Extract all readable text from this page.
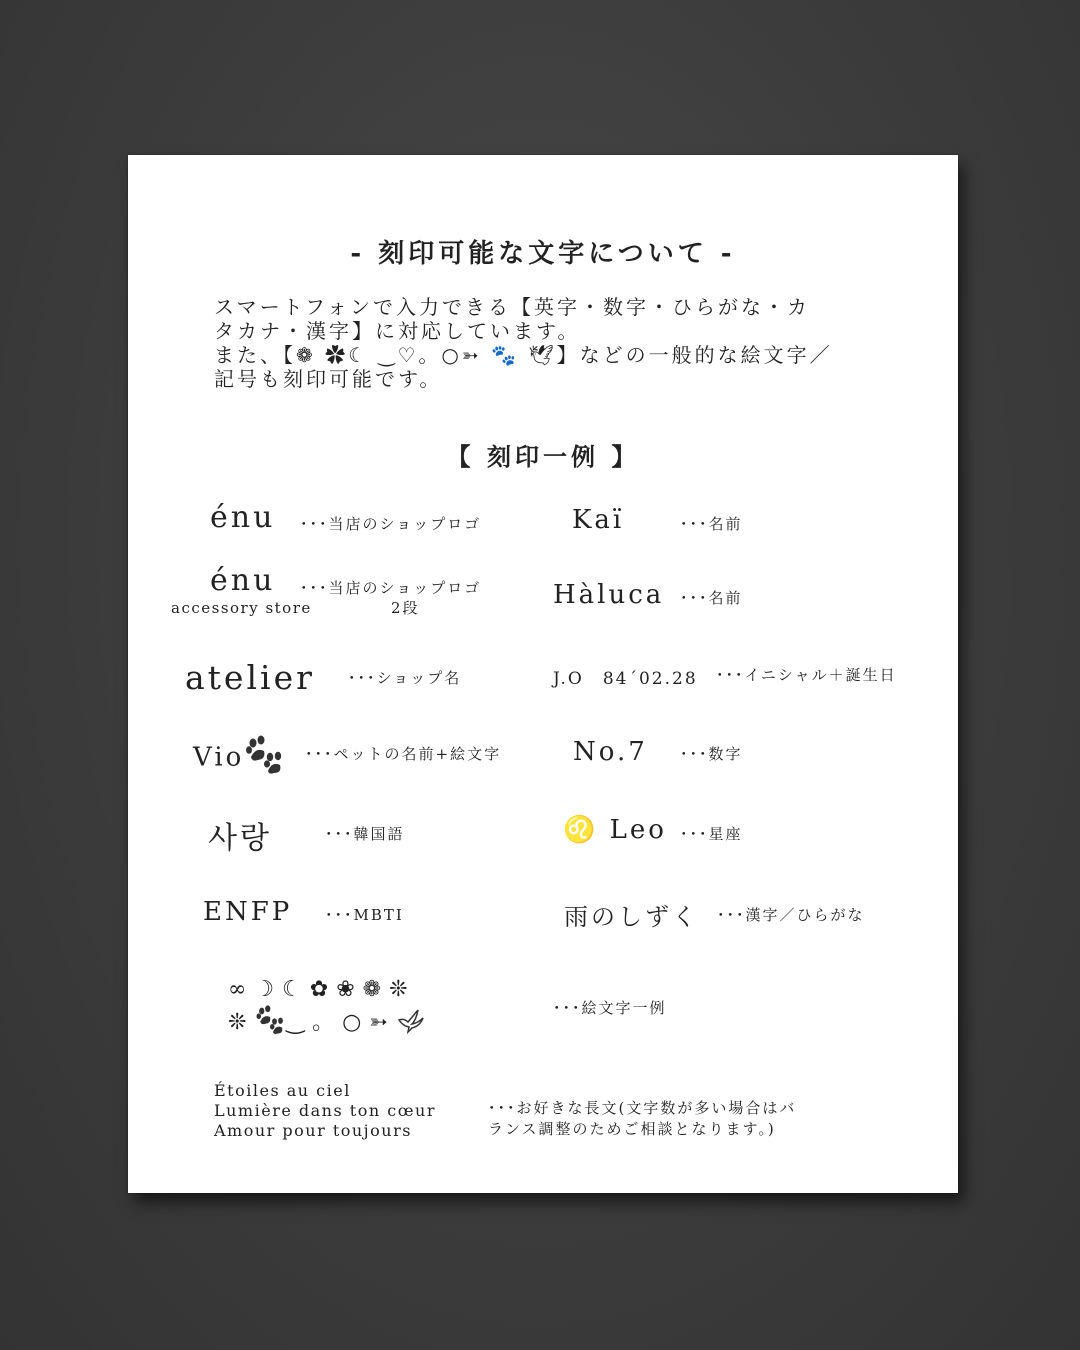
- 刻印可能な文字について -
スマートフォンで入力できる【英字・数字・ひらがな・カ
タカナ・漢字】に対応しています。
また、【❁ ✿☾ ‿♡。○➳ 🐾 🕊】などの一般的な絵文字／
記号も刻印可能です。
【 刻印一例 】
énu ･･･当店のショップロゴ	Kaï	･･･名前
énu
accessory store
･･･当店のショップロゴ
2段	Hàluca ･･･名前
atelier ･･･ショップ名	J.O　84´02.28 ･･･イニシャル＋誕生日
Vio	･･･ペットの名前+絵文字	No.7 ･･･数字
사랑	･･･韓国語	♌ Leo ･･･星座
ENFP ･･･MBTI	雨のしずく ･･･漢字／ひらがな
∞☽☾✿❀❁❊
❊ ‿。○➳
･･･絵文字一例
Étoiles au ciel
Lumière dans ton cœur
Amour pour toujours
･･･お好きな長文(文字数が多い場合はバ
ランス調整のためご相談となります。)
